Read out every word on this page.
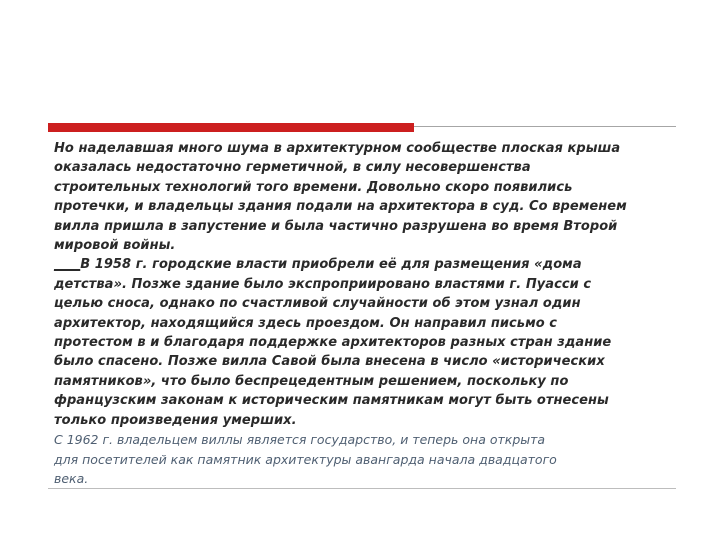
Но наделавшая много шума в архитектурном сообществе плоская крыша
оказалась недостаточно герметичной, в силу несовершенства
строительных технологий того времени. Довольно скоро появились
протечки, и владельцы здания подали на архитектора в суд. Со временем
вилла пришла в запустение и была частично разрушена во время Второй
мировой войны.

____В 1958 г. городские власти приобрели её для размещения «дома
детства». Позже здание было экспроприировано властями г. Пуасси с
целью сноса, однако по счастливой случайности об этом узнал один
архитектор, находящийся здесь проездом. Он направил письмо с
протестом в и благодаря поддержке архитекторов разных стран здание
было спасено. Позже вилла Савой была внесена в число «исторических
памятников», что было беспрецедентным решением, поскольку по
французским законам к историческим памятникам могут быть отнесены
только произведения умерших.

С 1962 г. владельцем виллы является государство, и теперь она открыта
для посетителей как памятник архитектуры авангарда начала двадцатого
века.
